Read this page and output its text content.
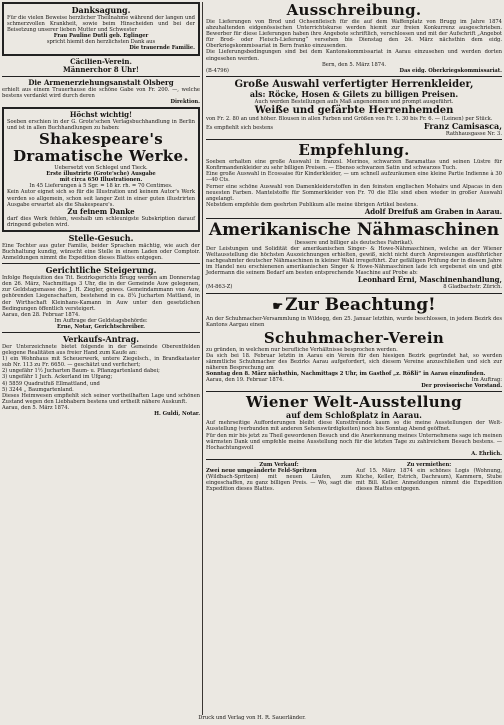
Danksagung.
Für die vielen Beweise herzlicher Theilnahme während der langen und schmerzvollen Krankheit, sowie beim Hinscheiden und bei der Beisetzung unserer lieben Mutter und Schwester
Frau Pauline Dutli geb. Eglinger
spricht hiemit den herzlichsten Dank aus
Die trauernde Familie.
Cäcilien-Verein.
Männerchor 8 Uhr!
Die Armenerziehungsanstalt Olsberg
erhielt aus einem Trauerhause die schöne Gabe von Fr. 200. —, welche bestens verdankt wird durch deren
Direktion.
Höchst wichtig!
Soeben erschien in der G. Grote'schen Verlagsbuchhandlung in Berlin und ist in allen Buchhandlungen zu haben:
Shakespeare's
Dramatische Werke.
Uebersetzt von Schlegel und Tieck.
Erste illustrirte (Grote'sche) Ausgabe
mit circa 650 Illustrationen.
In 45 Lieferungen à 5 Sgr. = 18 kr. rh. = 70 Centimes.
Kein Autor eignet sich so für die Illustration und keinem Autor's Werk werden so allgemein, schon seit langer Zeit in einer guten illustrirten Ausgabe erwartet als die Shakespeare's.
Zu feinem Danke
darf dies Werk fehlen, weshalb um schleunigste Subskription darauf dringend gebeten wird.
Stelle-Gesuch.
Eine Tochter aus guter Familie, beider Sprachen mächtig, wie auch der Buchhaltung kundig, wünscht eine Stelle in einem Laden oder Comptoir. Anmeldungen nimmt die Expedition dieses Blattes entgegen.
Gerichtliche Steigerung.
Infolge Requisition des Tit. Bezirksgerichts Brugg werden am Donnerstag den 26. März, Nachmittags 3 Uhr, die in der Gemeinde Auw gelegenen, zur Geldstagsmasse des J. H. Ziegler, gewes. Gemeindammann von Auw, gehörenden Liegenschaften, bestehend in ca. 8¼ Jucharten Mattland, in der Wirthschaft Kleinhans-Kamann in Auw unter den gesetzlichen Bedingungen öffentlich versteigert.
Aarau, den 28. Februar 1874.
Im Auftrage der Geldstagsbehörde:
Erne, Notar, Gerichtschreiber.
Verkaufs-Antrag.
Der Unterzeichnete bietet folgende in der Gemeinde Oberentfelden gelegene Realitäten aus freier Hand zum Kaufe an:
1) ein Wohnhaus mit Scheuerwerk, untere Ziegelsch., in Brandkataster sub Nr. 113 zu Fr. 6650. — geschätzt und verfichert;
2) ungefähr 1½ Jucharten Baum- u. Pflanzgartenland dabei;
3) ungefähr 1 Juch. Ackerland im Ufgang;
4) 5859 Quadratfuß Ellmattland, und
5) 3244 „ Baumgartenland.
Dieses Heimwesen empfiehlt sich seiner vortheilhaften Lage und schönen Zustand wegen den Liebhabern bestens und ertheilt nähere Auskunft.
Aarau, den 5. März 1874.
H. Guldi, Notar.
Ausschreibung.
Die Lieferungen von Brod und Ochsenfleisch für die auf dem Waffenplatz von Brugg im Jahre 1874 abzuhaltenden eidgenössischen Unterrichtskurse werden hiemit zur freien Konkurrenz ausgeschrieben. Bewerber für diese Lieferungen haben ihre Angebote schriftlich, verschlossen und mit der Aufschrift „Angebot für Brod- oder Fleisch-Lieferung“ versehen bis Dienstag den 24. März nächsthin dem eidg. Oberkriegskommissariat in Bern franko einzusenden.
Die Lieferungsbedingungen sind bei dem Kantonskommissariat in Aarau einzusehen und werden dorten eingesehen werden.
Bern, den 5. März 1874.
(B-4796)	Das eidg. Oberkriegskommissariat.
Große Auswahl verfertigter Herrenkleider,
als: Röcke, Hosen & Gilets zu billigen Preisen.
Auch werden Bestellungen aufs Maß angenommen und prompt ausgeführt.
Weiße und gefärbte Herrenhemden
von Fr. 2. 80 an und höher. Blousen in allen Farben und Größen von Fr. 1. 30 bis Fr. 6. — (Leinen) per Stück.
Es empfiehlt sich bestens	Franz Camisasca,
Rathhausgasse Nr. 3.
Empfehlung.
Soeben erhalten eine große Auswahl in franzsl. Merinos, schwarzen Baramattas und seinen Lüstre für Konfirmandenkleider zu sehr billigen Preisen. — Ebenso schwarzen Satin und schwarzes Tuch.
Eine große Auswahl in Ecossaise für Kinderkleider, — um schnell aufzuräumen eine kleine Partie Indienne à 30—40 Cts.
Ferner eine schöne Auswahl von Damenkleiderstoffen in den feinsten englischen Mohairs und Alpacas in den neuesten Farben. Mantelstoffe für Sommerkleider von Fr. 70 die Elle sind eben wieder in großer Auswahl angelangt.
Nebstdem empfehle dem geehrten Publikum alle meine übrigen Artikel bestens.
Adolf Dreifuß am Graben in Aarau.
Amerikanische Nähmaschinen
(bessere und billiger als deutsches Fabrikat).
Der Leistungen und Solidität der amerikanischen Singer- & Howe-Nähmaschinen, welche an der Wiener Weltausstellung die höchsten Auszeichnungen erhielten, gewiß, nicht nicht durch Anpreisungen ausführlicher nachgeahmter deutscher Nähmaschinen in kleiner Wahl irregeführt. Zur gefälligen Prüfung der in diesem Jahre im Handel neu erschienenen amerikanischen Singer & Howe-Nähmaschinen lade ich ergebenst ein und gibt Jedermann die seinem Bedarf am besten entsprechende Maschine auf Probe ab:
Leonhard Erni, Maschinenhandlung,
(M-863-Z)	8 Gladbachstr. Zürich.
☛ Zur Beachtung!
An der Schuhmacher-Versammlung in Wildegg, den 25. Januar letzthin, wurde beschlossen, in jedem Bezirk des Kantons Aargau einen
Schuhmacher-Verein
zu gründen, in welchem nur berufliche Verhältnisse besprochen werden.
Da sich bei 18. Februar letztin in Aarau ein Verein für den hiesigen Bezirk gegründet hat, so werden sämmtliche Schuhmacher des Bezirks Aarau aufgefordert, sich diesem Vereine anzuschließen und sich zur näheren Besprechung am
Sonntag den 8. März nächsthin, Nachmittags 2 Uhr, im Gasthof „z. Rößli“ in Aarau einzufinden.
Aarau, den 19. Februar 1874.	Im Auftrag:
Der provisorische Vorstand.
Wiener Welt-Ausstellung
auf dem Schloßplatz in Aarau.
Auf mehrseitige Aufforderungen bleibt diese Kunstfreunde kaum so die meine Ausstellungen der Welt-Ausstellung (verbunden mit anderen Sehenswürdigkeiten) noch bis Sonntag Abend geöffnet.
Für den mir bis jetzt zu Theil gewordenen Besuch und die Anerkennung meines Unternehmens sage ich meinen wärmsten Dank und empfehle meine Ausstellung noch für die letzten Tage zu zahlreichem Besuch bestens. — Hochachtungsvoll
A. Ehrlich.
Zum Verkauf:
Zwei neue umgeänderte Feld-Spritzen
(Wildbach-Spritzen) mit neuen Läufen, zum eingeschaffen, zu ganz billigen Preis. — Wo, sagt die Expedition dieses Blattes.
Zu vermiethen:
Auf 15. März 1874 ein schönes Logis (Wohnung, Küche, Keller, Estrich, Dachraum), Kammern, Stube mit Bill. Keller. Anmeldungen nimmt die Expedition dieses Blattes entgegen.
Druck und Verlag von H. R. Sauerländer.
